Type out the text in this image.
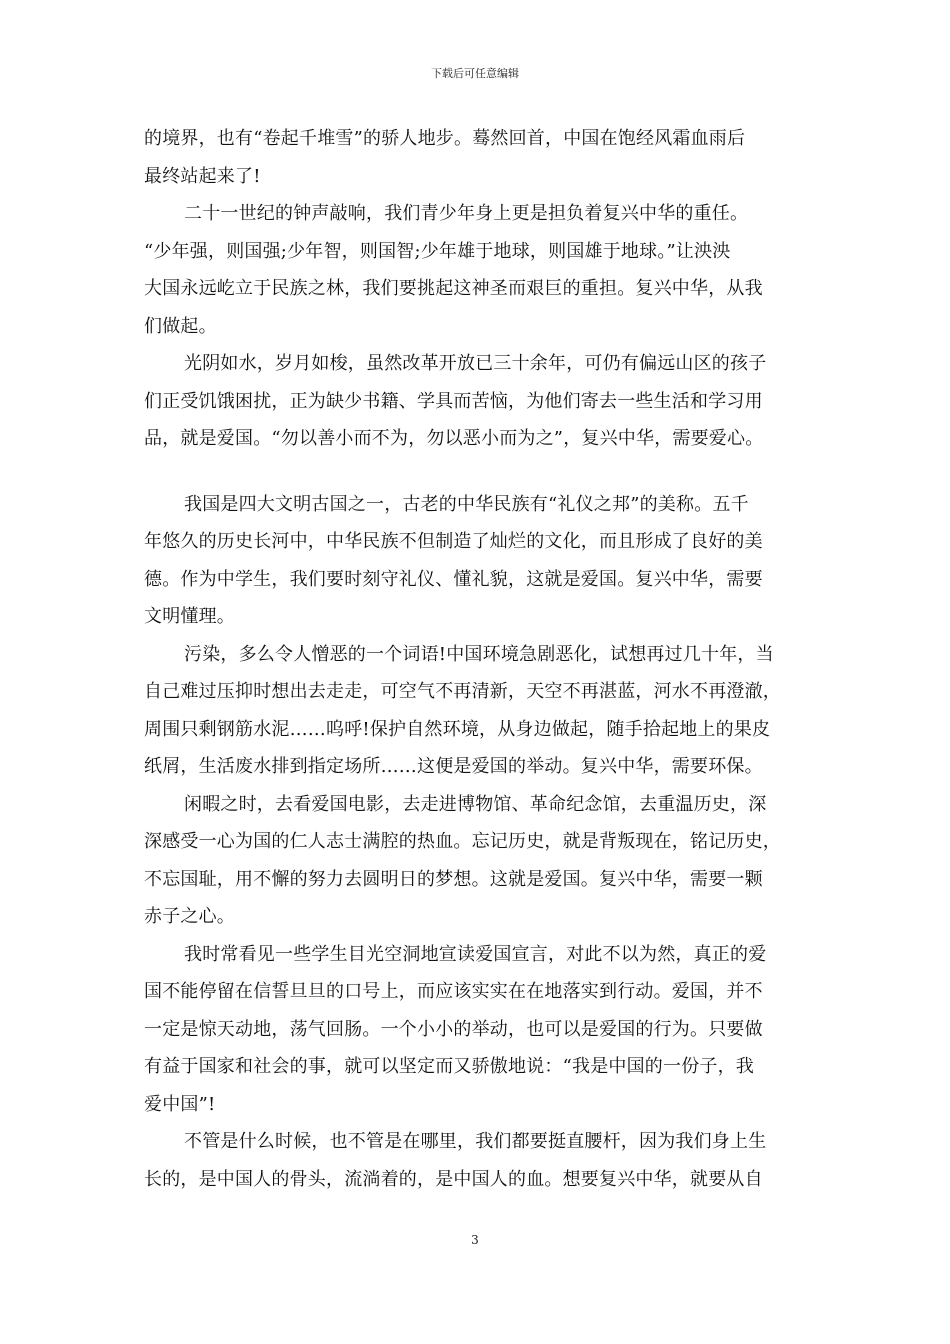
下载后可任意编辑
的境界，也有“卷起千堆雪”的骄人地步。蓦然回首，中国在饱经风霜血雨后
最终站起来了!
二十一世纪的钟声敲响，我们青少年身上更是担负着复兴中华的重任。
“少年强，则国强;少年智，则国智;少年雄于地球，则国雄于地球。”让泱泱
大国永远屹立于民族之林，我们要挑起这神圣而艰巨的重担。复兴中华，从我
们做起。
光阴如水，岁月如梭，虽然改革开放已三十余年，可仍有偏远山区的孩子
们正受饥饿困扰，正为缺少书籍、学具而苦恼，为他们寄去一些生活和学习用
品，就是爱国。“勿以善小而不为，勿以恶小而为之”，复兴中华，需要爱心。
我国是四大文明古国之一，古老的中华民族有“礼仪之邦”的美称。五千
年悠久的历史长河中，中华民族不但制造了灿烂的文化，而且形成了良好的美
德。作为中学生，我们要时刻守礼仪、懂礼貌，这就是爱国。复兴中华，需要
文明懂理。
污染，多么令人憎恶的一个词语!中国环境急剧恶化，试想再过几十年，当
自己难过压抑时想出去走走，可空气不再清新，天空不再湛蓝，河水不再澄澈，
周围只剩钢筋水泥……呜呼!保护自然环境，从身边做起，随手拾起地上的果皮
纸屑，生活废水排到指定场所……这便是爱国的举动。复兴中华，需要环保。
闲暇之时，去看爱国电影，去走进博物馆、革命纪念馆，去重温历史，深
深感受一心为国的仁人志士满腔的热血。忘记历史，就是背叛现在，铭记历史，
不忘国耻，用不懈的努力去圆明日的梦想。这就是爱国。复兴中华，需要一颗
赤子之心。
我时常看见一些学生目光空洞地宣读爱国宣言，对此不以为然，真正的爱
国不能停留在信誓旦旦的口号上，而应该实实在在地落实到行动。爱国，并不
一定是惊天动地，荡气回肠。一个小小的举动，也可以是爱国的行为。只要做
有益于国家和社会的事，就可以坚定而又骄傲地说：“我是中国的一份子，我
爱中国”!
不管是什么时候，也不管是在哪里，我们都要挺直腰杆，因为我们身上生
长的，是中国人的骨头，流淌着的，是中国人的血。想要复兴中华，就要从自
3
